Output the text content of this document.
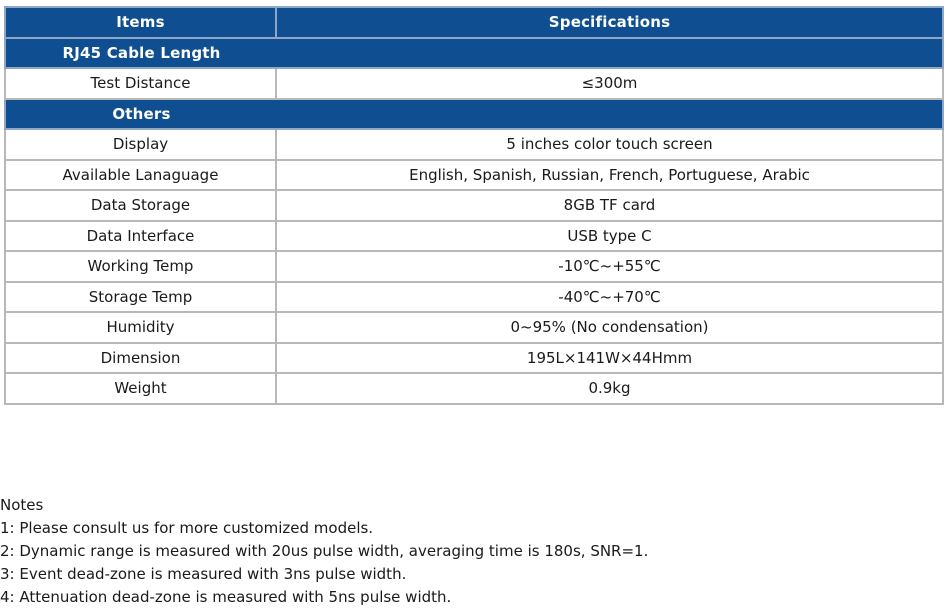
Items	Specifications
RJ45 Cable Length	
Test Distance	≤300m
Others	
Display	5 inches color touch screen
Available Lanaguage	English, Spanish, Russian, French, Portuguese, Arabic
Data Storage	8GB TF card
Data Interface	USB type C
Working Temp	-10℃~+55℃
Storage Temp	-40℃~+70℃
Humidity	0~95% (No condensation)
Dimension	195L×141W×44Hmm
Weight	0.9kg
Notes
1: Please consult us for more customized models.
2: Dynamic range is measured with 20us pulse width, averaging time is 180s, SNR=1.
3: Event dead-zone is measured with 3ns pulse width.
4: Attenuation dead-zone is measured with 5ns pulse width.
